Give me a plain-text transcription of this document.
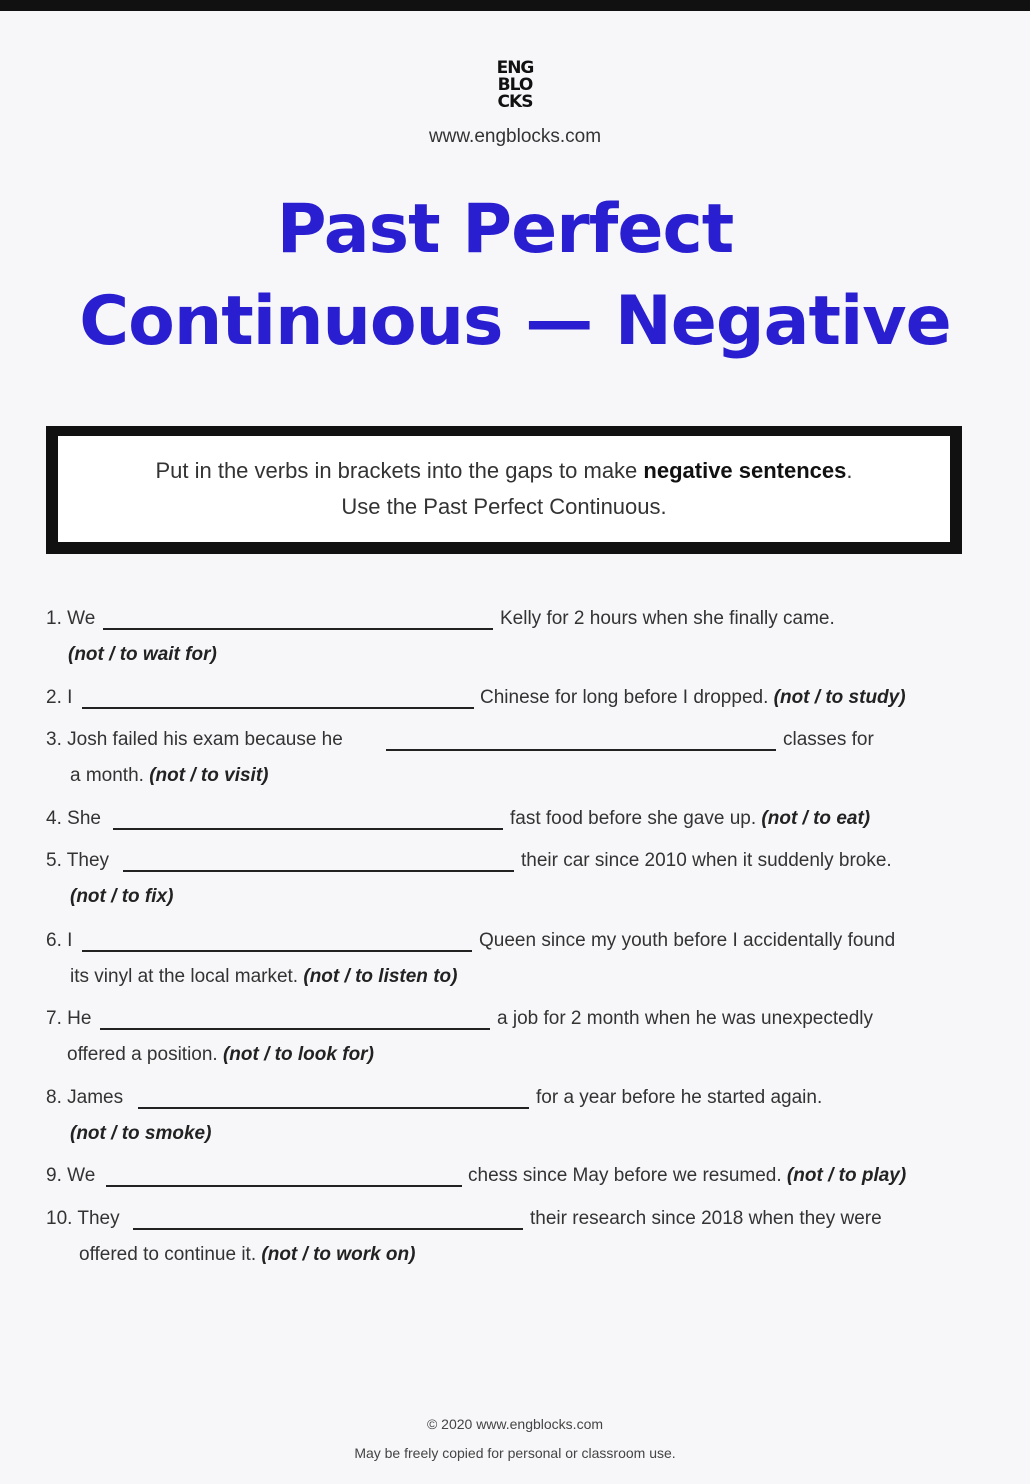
ENG
BLO
CKS
www.engblocks.com
Past Perfect
Continuous — Negative
Put in the verbs in brackets into the gaps to make negative sentences.
Use the Past Perfect Continuous.
1. We	Kelly for 2 hours when she finally came.
(not / to wait for)
2. I	Chinese for long before I dropped. (not / to study)
3. Josh failed his exam because he	classes for
a month. (not / to visit)
4. She	fast food before she gave up. (not / to eat)
5. They	their car since 2010 when it suddenly broke.
(not / to fix)
6. I	Queen since my youth before I accidentally found
its vinyl at the local market. (not / to listen to)
7. He	a job for 2 month when he was unexpectedly
offered a position. (not / to look for)
8. James	for a year before he started again.
(not / to smoke)
9. We	chess since May before we resumed. (not / to play)
10. They	their research since 2018 when they were
offered to continue it. (not / to work on)
© 2020 www.engblocks.com
May be freely copied for personal or classroom use.
